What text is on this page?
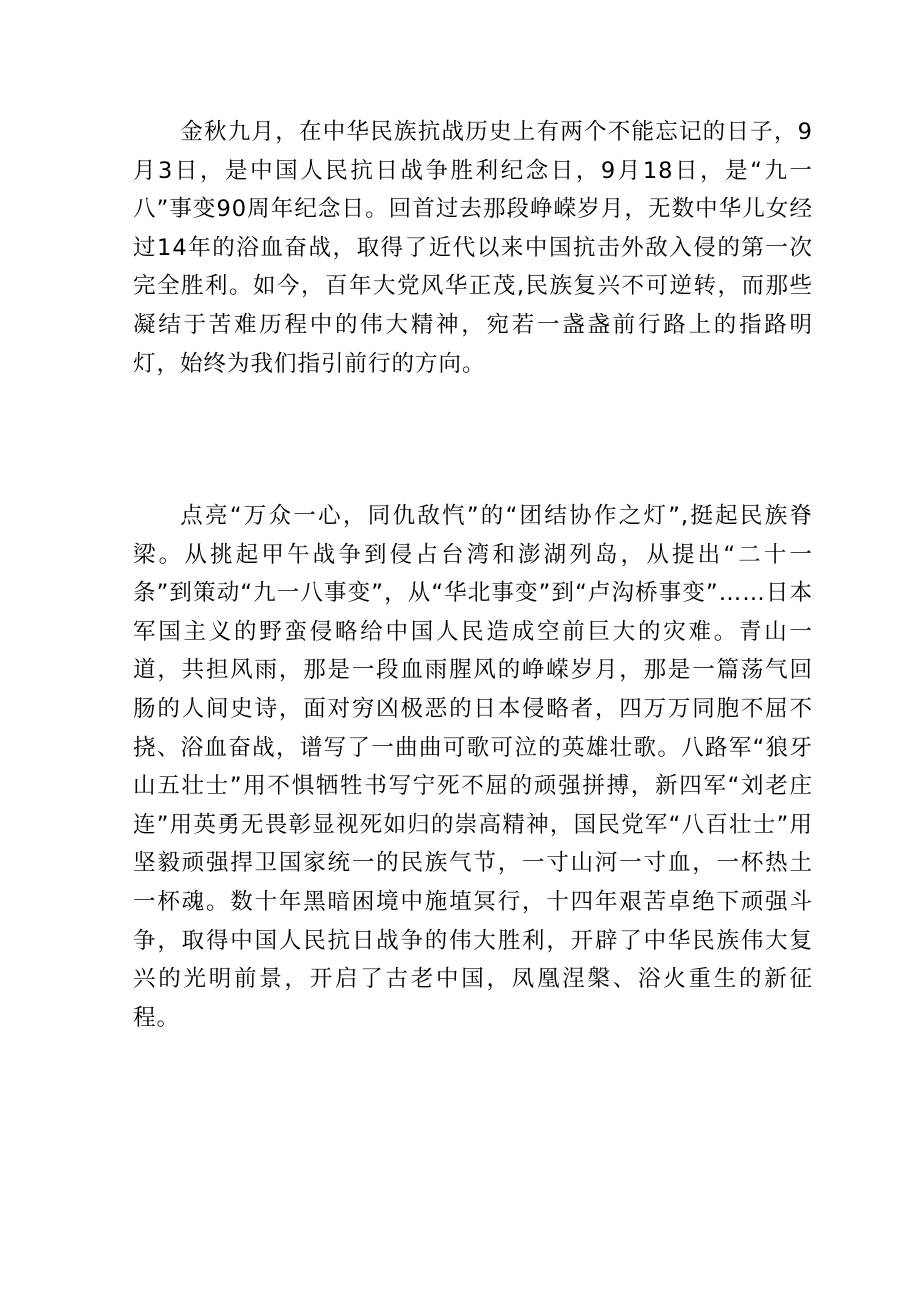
金秋九月，在中华民族抗战历史上有两个不能忘记的日子，9月3日，是中国人民抗日战争胜利纪念日，9月18日，是“九一八”事变90周年纪念日。回首过去那段峥嵘岁月，无数中华儿女经过14年的浴血奋战，取得了近代以来中国抗击外敌入侵的第一次完全胜利。如今，百年大党风华正茂,民族复兴不可逆转，而那些凝结于苦难历程中的伟大精神，宛若一盏盏前行路上的指路明灯，始终为我们指引前行的方向。

点亮“万众一心，同仇敌忾”的“团结协作之灯”,挺起民族脊梁。从挑起甲午战争到侵占台湾和澎湖列岛，从提出“二十一条”到策动“九一八事变”，从“华北事变”到“卢沟桥事变”……日本军国主义的野蛮侵略给中国人民造成空前巨大的灾难。青山一道，共担风雨，那是一段血雨腥风的峥嵘岁月，那是一篇荡气回肠的人间史诗，面对穷凶极恶的日本侵略者，四万万同胞不屈不挠、浴血奋战，谱写了一曲曲可歌可泣的英雄壮歌。八路军“狼牙山五壮士”用不惧牺牲书写宁死不屈的顽强拼搏，新四军“刘老庄连”用英勇无畏彰显视死如归的崇高精神，国民党军“八百壮士”用坚毅顽强捍卫国家统一的民族气节，一寸山河一寸血，一杯热土一杯魂。数十年黑暗困境中施埴冥行，十四年艰苦卓绝下顽强斗争，取得中国人民抗日战争的伟大胜利，开辟了中华民族伟大复兴的光明前景，开启了古老中国，凤凰涅槃、浴火重生的新征程。
